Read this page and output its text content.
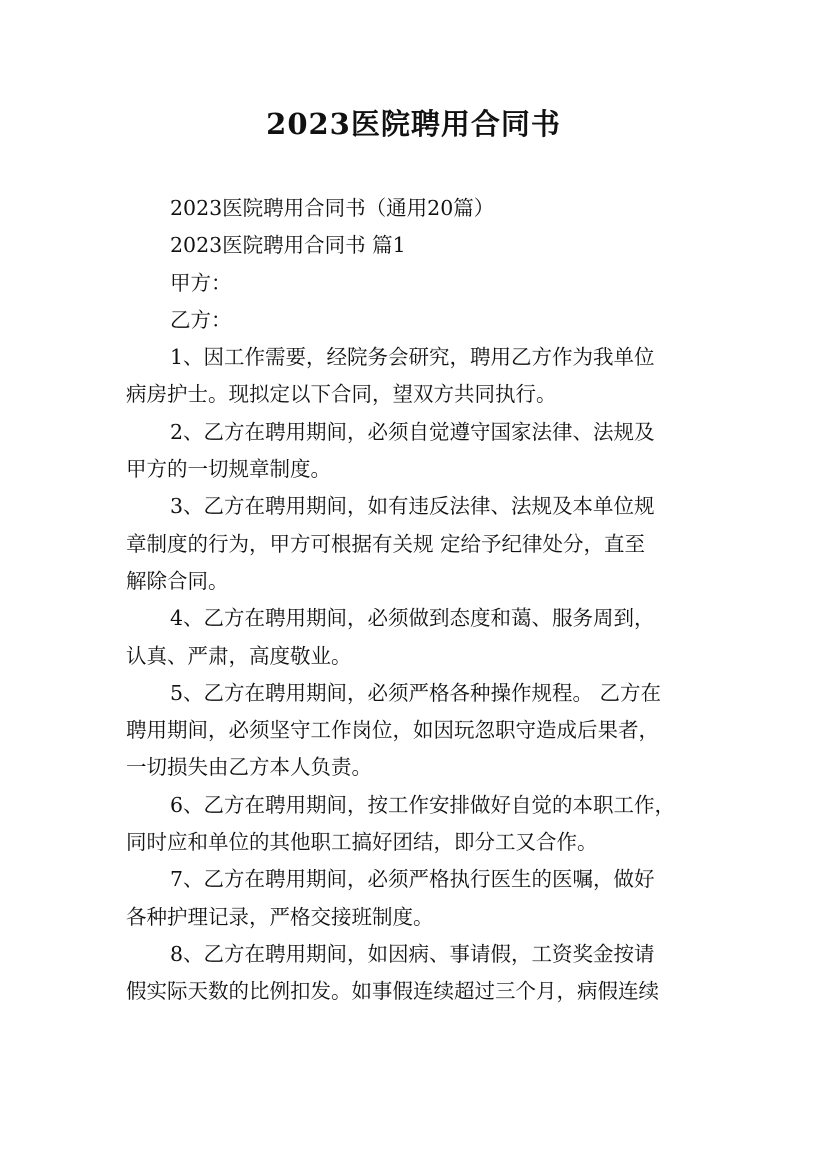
2023医院聘用合同书
2023医院聘用合同书（通用20篇）
2023医院聘用合同书 篇1
甲方：
乙方：
1、因工作需要，经院务会研究，聘用乙方作为我单位
病房护士。现拟定以下合同，望双方共同执行。
2、乙方在聘用期间，必须自觉遵守国家法律、法规及
甲方的一切规章制度。
3、乙方在聘用期间，如有违反法律、法规及本单位规
章制度的行为，甲方可根据有关规 定给予纪律处分，直至
解除合同。
4、乙方在聘用期间，必须做到态度和蔼、服务周到，
认真、严肃，高度敬业。
5、乙方在聘用期间，必须严格各种操作规程。 乙方在
聘用期间，必须坚守工作岗位，如因玩忽职守造成后果者，
一切损失由乙方本人负责。
6、乙方在聘用期间，按工作安排做好自觉的本职工作，
同时应和单位的其他职工搞好团结，即分工又合作。
7、乙方在聘用期间，必须严格执行医生的医嘱，做好
各种护理记录，严格交接班制度。
8、乙方在聘用期间，如因病、事请假，工资奖金按请
假实际天数的比例扣发。如事假连续超过三个月，病假连续
